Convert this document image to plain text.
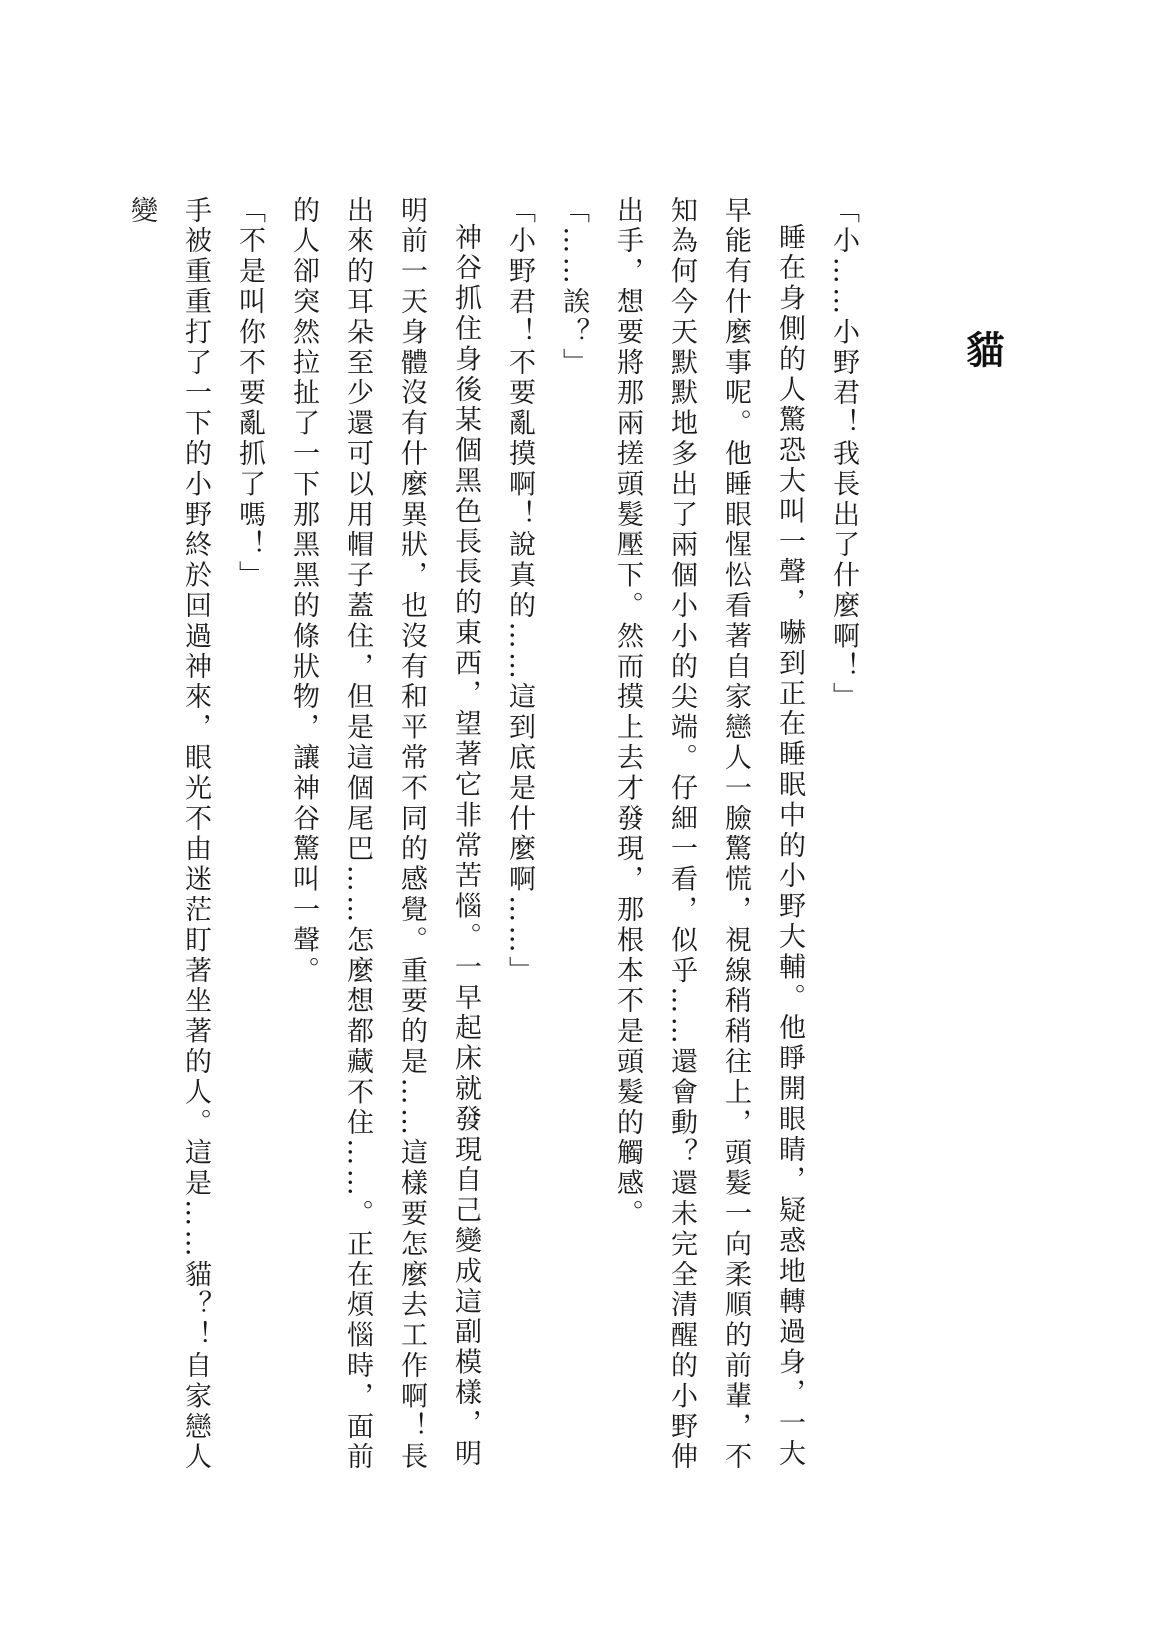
貓

「小……小野君！我長出了什麼啊！」

睡在身側的人驚恐大叫一聲，嚇到正在睡眠中的小野大輔。他睜開眼睛，疑惑地轉過身，一大早能有什麼事呢。他睡眼惺忪看著自家戀人一臉驚慌，視線稍稍往上，頭髮一向柔順的前輩，不知為何今天默默地多出了兩個小小的尖端。仔細一看，似乎……還會動？還未完全清醒的小野伸出手，想要將那兩搓頭髮壓下。然而摸上去才發現，那根本不是頭髮的觸感。

「……誒？」

「小野君！不要亂摸啊！說真的……這到底是什麼啊……」

神谷抓住身後某個黑色長長的東西，望著它非常苦惱。一早起床就發現自己變成這副模樣，明明前一天身體沒有什麼異狀，也沒有和平常不同的感覺。重要的是……這樣要怎麼去工作啊！長出來的耳朵至少還可以用帽子蓋住，但是這個尾巴……怎麼想都藏不住……。正在煩惱時，面前的人卻突然拉扯了一下那黑黑的條狀物，讓神谷驚叫一聲。

「不是叫你不要亂抓了嗎！」

手被重重打了一下的小野終於回過神來，眼光不由迷茫盯著坐著的人。這是……貓？！自家戀人變
